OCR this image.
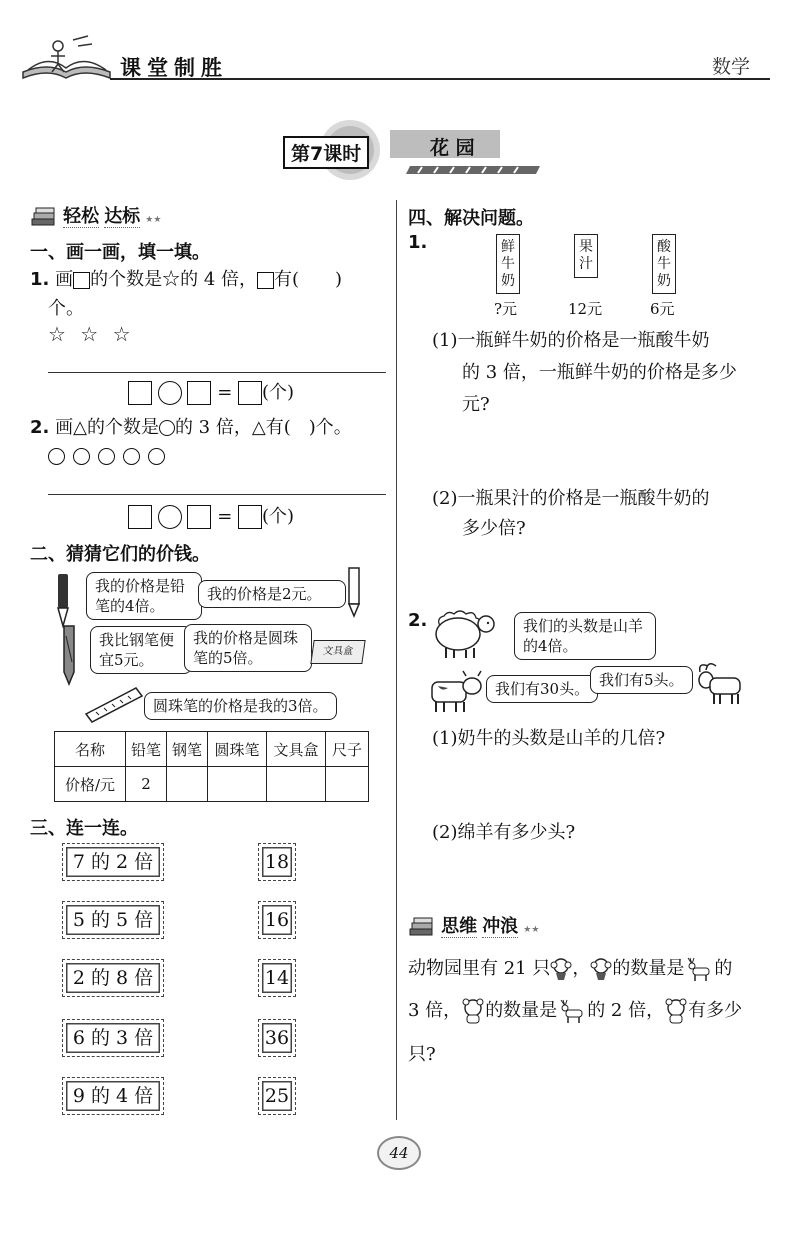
课堂制胜	数学
第7课时	花 园
轻松 达标 ★★
一、画一画，填一填。
1. 画 的个数是☆的 4 倍， 有(　　)
个。
☆ ☆ ☆
= (个)
2. 画△的个数是 的 3 倍，△有(　)个。
= (个)
二、猜猜它们的价钱。
我的价格是铅笔的4倍。
我的价格是2元。
我比钢笔便宜5元。
我的价格是圆珠笔的5倍。	文具盒
圆珠笔的价格是我的3倍。
名称	铅笔	钢笔	圆珠笔	文具盒	尺子
价格/元	2				
三、连一连。
7 的 2 倍
5 的 5 倍
2 的 8 倍
6 的 3 倍
9 的 4 倍
18
16
14
36
25
四、解决问题。
1.	鲜牛奶
?元
果汁
12元
酸牛奶
6元
(1)一瓶鲜牛奶的价格是一瓶酸牛奶
的 3 倍，一瓶鲜牛奶的价格是多少
元?
(2)一瓶果汁的价格是一瓶酸牛奶的
多少倍?
2.	我们的头数是山羊的4倍。
我们有30头。 我们有5头。
(1)奶牛的头数是山羊的几倍?
(2)绵羊有多少头?
思维 冲浪 ★★
动物园里有 21 只 ， 的数量是 的
3 倍， 的数量是 的 2 倍， 有多少
只?
44
